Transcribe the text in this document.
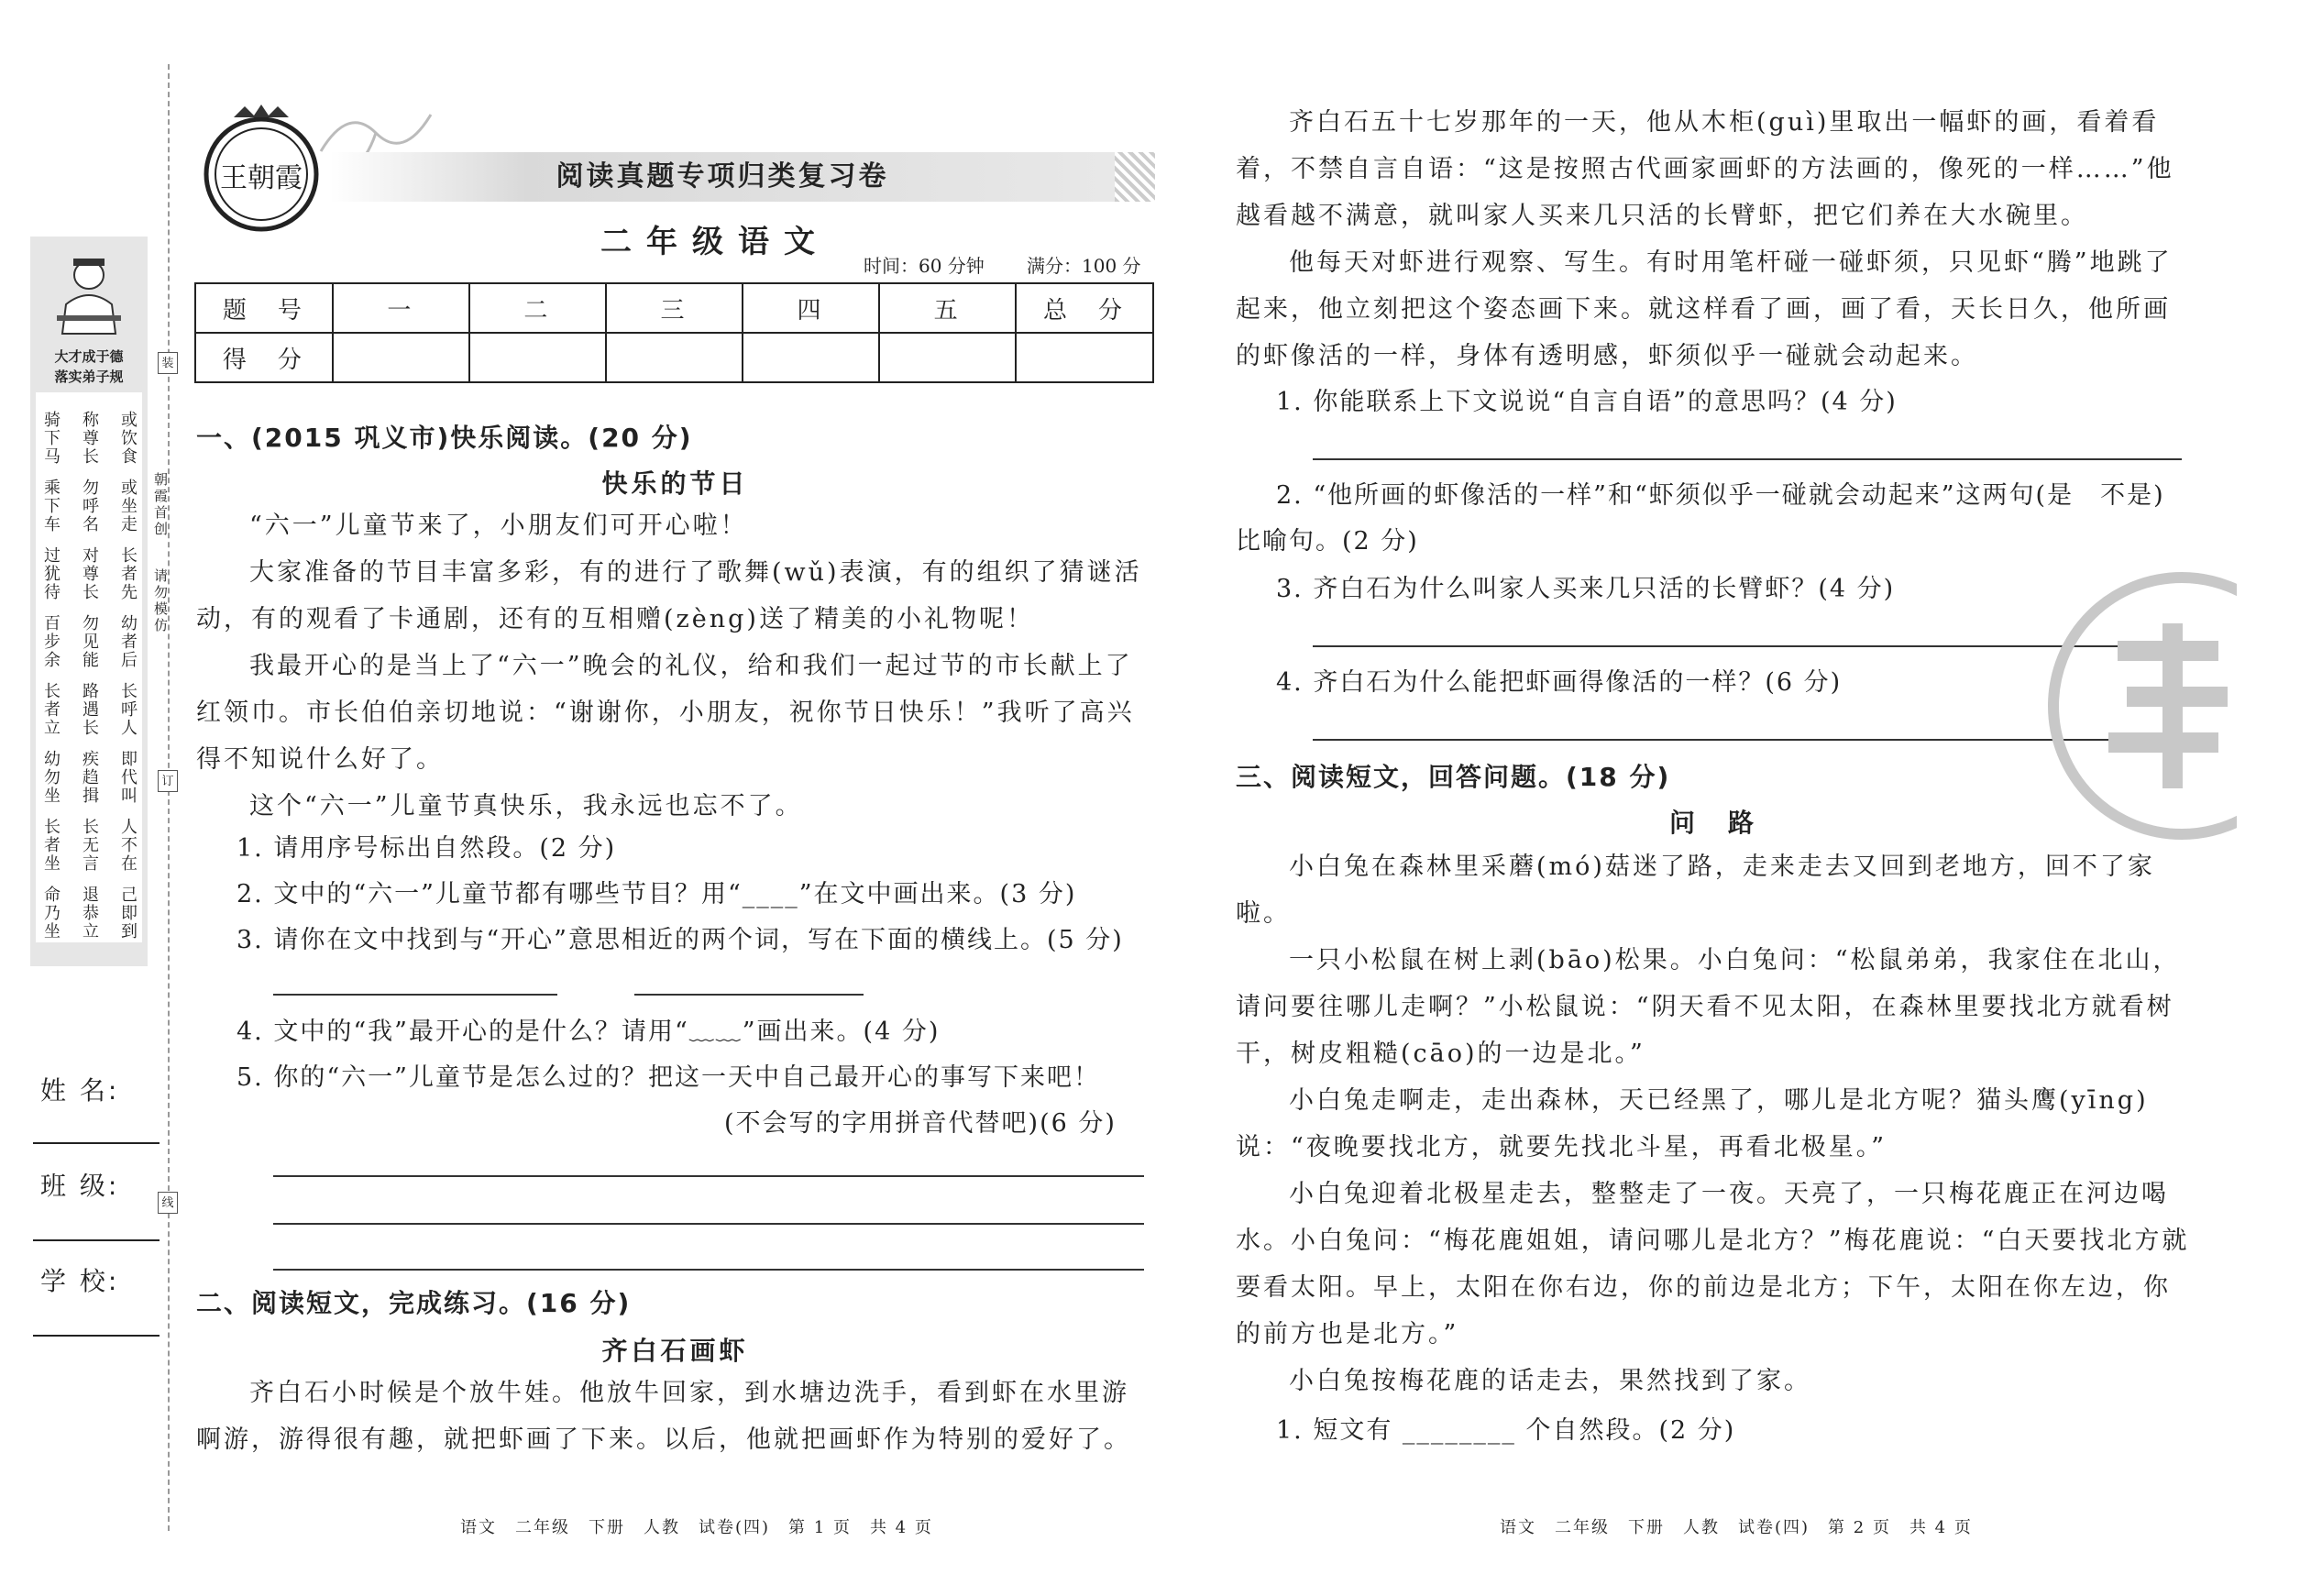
大才成于德
落实弟子规
或饮食
称尊长
骑下马
或坐走
勿呼名
乘下车
长者先
对尊长
过犹待
幼者后
勿见能
百步余
长呼人
路遇长
长者立
即代叫
疾趋揖
幼勿坐
人不在
长无言
长者坐
己即到
退恭立
命乃坐
朝霞首创
请勿模仿
装
订
线
姓 名:
班 级:
学 校:
王朝霞	阅读真题专项归类复习卷
二年级语文
时间：60 分钟 满分：100 分
题　号	一	二	三	四	五	总　分
得　分						
一、(2015 巩义市)快乐阅读。(20 分)
快乐的节日

“六一”儿童节来了，小朋友们可开心啦！

大家准备的节目丰富多彩，有的进行了歌舞(wǔ)表演，有的组织了猜谜活动，有的观看了卡通剧，还有的互相赠(zèng)送了精美的小礼物呢！

我最开心的是当上了“六一”晚会的礼仪，给和我们一起过节的市长献上了红领巾。市长伯伯亲切地说：“谢谢你，小朋友，祝你节日快乐！”我听了高兴得不知说什么好了。

这个“六一”儿童节真快乐，我永远也忘不了。

1. 请用序号标出自然段。(2 分)
2. 文中的“六一”儿童节都有哪些节目？用“____”在文中画出来。(3 分)
3. 请你在文中找到与“开心”意思相近的两个词，写在下面的横线上。(5 分)
4. 文中的“我”最开心的是什么？请用“﹏﹏”画出来。(4 分)
5. 你的“六一”儿童节是怎么过的？把这一天中自己最开心的事写下来吧！
(不会写的字用拼音代替吧)(6 分)
二、阅读短文，完成练习。(16 分)
齐白石画虾

齐白石小时候是个放牛娃。他放牛回家，到水塘边洗手，看到虾在水里游啊游，游得很有趣，就把虾画了下来。以后，他就把画虾作为特别的爱好了。

齐白石五十七岁那年的一天，他从木柜(guì)里取出一幅虾的画，看着看着，不禁自言自语：“这是按照古代画家画虾的方法画的，像死的一样……”他越看越不满意，就叫家人买来几只活的长臂虾，把它们养在大水碗里。

他每天对虾进行观察、写生。有时用笔杆碰一碰虾须，只见虾“腾”地跳了起来，他立刻把这个姿态画下来。就这样看了画，画了看，天长日久，他所画的虾像活的一样，身体有透明感，虾须似乎一碰就会动起来。

1. 你能联系上下文说说“自言自语”的意思吗？(4 分)
2. “他所画的虾像活的一样”和“虾须似乎一碰就会动起来”这两句(是　不是)比喻句。(2 分)
3. 齐白石为什么叫家人买来几只活的长臂虾？(4 分)
4. 齐白石为什么能把虾画得像活的一样？(6 分)
三、阅读短文，回答问题。(18 分)
问　路

小白兔在森林里采蘑(mó)菇迷了路，走来走去又回到老地方，回不了家啦。

一只小松鼠在树上剥(bāo)松果。小白兔问：“松鼠弟弟，我家住在北山，请问要往哪儿走啊？”小松鼠说：“阴天看不见太阳，在森林里要找北方就看树干，树皮粗糙(cāo)的一边是北。”

小白兔走啊走，走出森林，天已经黑了，哪儿是北方呢？猫头鹰(yīng)说：“夜晚要找北方，就要先找北斗星，再看北极星。”

小白兔迎着北极星走去，整整走了一夜。天亮了，一只梅花鹿正在河边喝水。小白兔问：“梅花鹿姐姐，请问哪儿是北方？”梅花鹿说：“白天要找北方就要看太阳。早上，太阳在你右边，你的前边是北方；下午，太阳在你左边，你的前方也是北方。”

小白兔按梅花鹿的话走去，果然找到了家。

1. 短文有 ________ 个自然段。(2 分)
语文　二年级　下册　人教　试卷(四)　第 1 页　共 4 页	语文　二年级　下册　人教　试卷(四)　第 2 页　共 4 页
